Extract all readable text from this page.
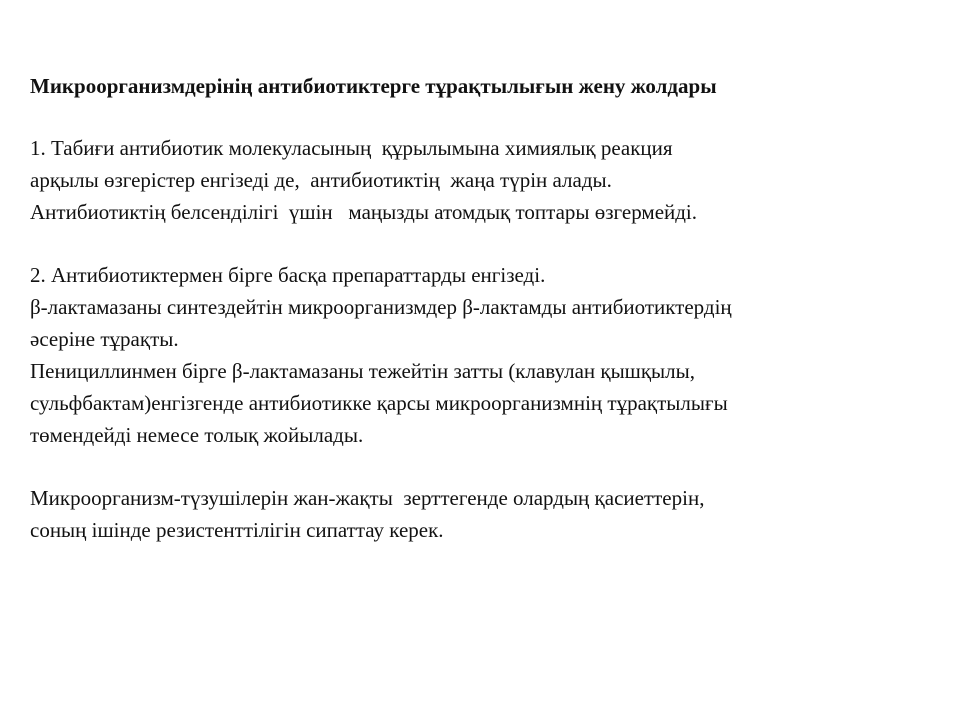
Микроорганизмдерінің антибиотиктерге тұрақтылығын жену жолдары
1. Табиғи антибиотик молекуласының  құрылымына химиялық реакция
арқылы өзгерістер енгізеді де,  антибиотиктің  жаңа түрін алады.
Антибиотиктің белсенділігі  үшін   маңызды атомдық топтары өзгермейді.
2. Антибиотиктермен бірге басқа препараттарды енгізеді.
β-лактамазаны синтездейтін микроорганизмдер β-лактамды антибиотиктердің
әсеріне тұрақты.
Пенициллинмен бірге β-лактамазаны тежейтін затты (клавулан қышқылы,
сульфбактам)енгізгенде антибиотикке қарсы микроорганизмнің тұрақтылығы
төмендейді немесе толық жойылады.
Микроорганизм-түзушілерін жан-жақты  зерттегенде олардың қасиеттерін,
соның ішінде резистенттілігін сипаттау керек.
